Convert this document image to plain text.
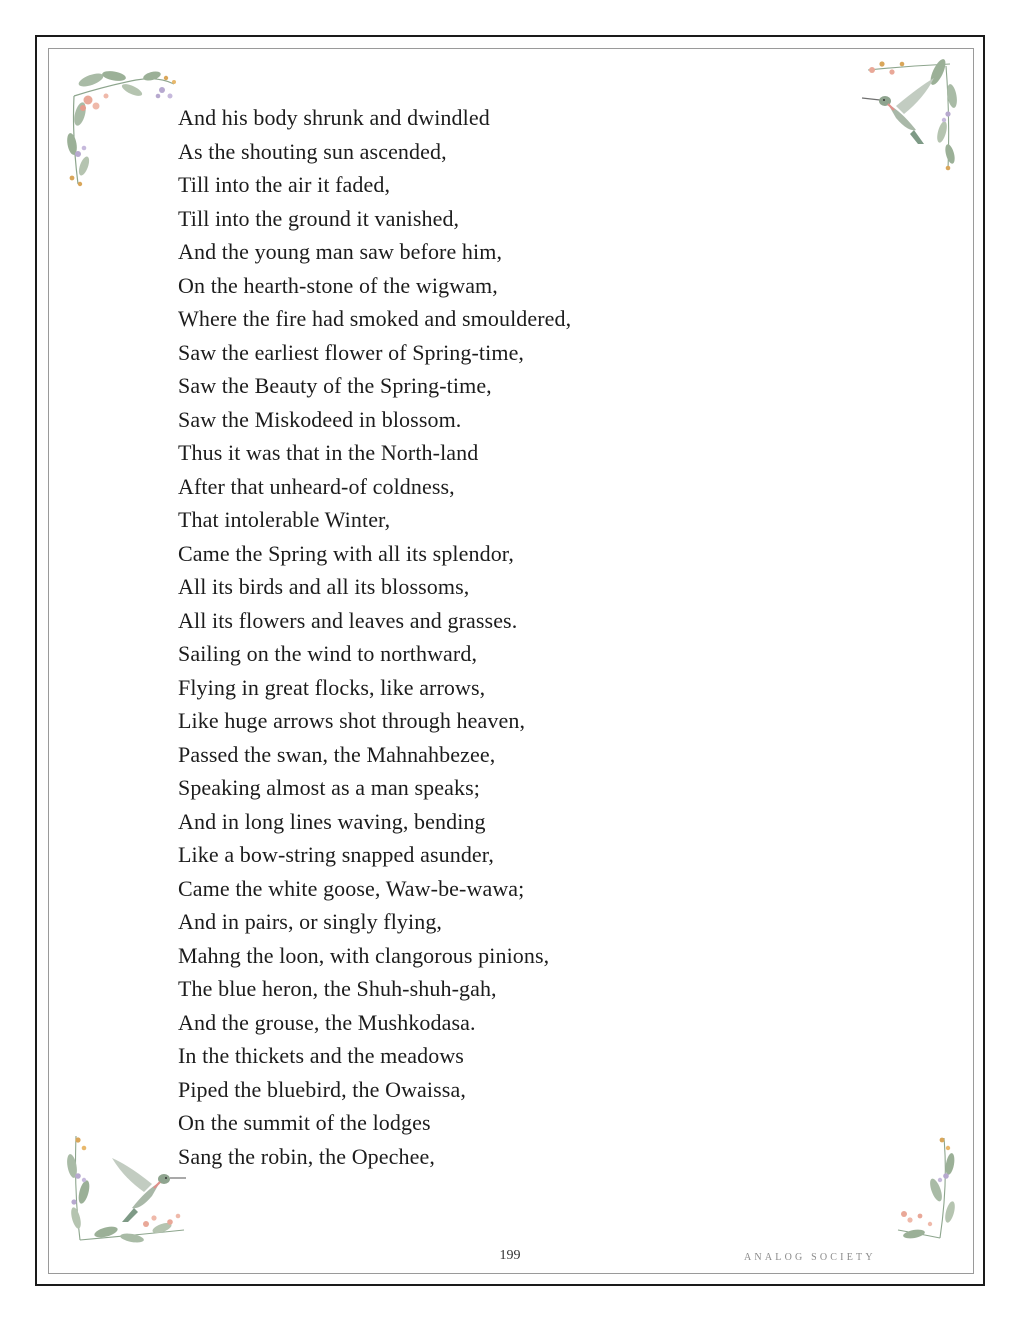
And his body shrunk and dwindled
As the shouting sun ascended,
Till into the air it faded,
Till into the ground it vanished,
And the young man saw before him,
On the hearth-stone of the wigwam,
Where the fire had smoked and smouldered,
Saw the earliest flower of Spring-time,
Saw the Beauty of the Spring-time,
Saw the Miskodeed in blossom.
Thus it was that in the North-land
After that unheard-of coldness,
That intolerable Winter,
Came the Spring with all its splendor,
All its birds and all its blossoms,
All its flowers and leaves and grasses.
Sailing on the wind to northward,
Flying in great flocks, like arrows,
Like huge arrows shot through heaven,
Passed the swan, the Mahnahbezee,
Speaking almost as a man speaks;
And in long lines waving, bending
Like a bow-string snapped asunder,
Came the white goose, Waw-be-wawa;
And in pairs, or singly flying,
Mahng the loon, with clangorous pinions,
The blue heron, the Shuh-shuh-gah,
And the grouse, the Mushkodasa.
In the thickets and the meadows
Piped the bluebird, the Owaissa,
On the summit of the lodges
Sang the robin, the Opechee,
199	ANALOG SOCIETY
